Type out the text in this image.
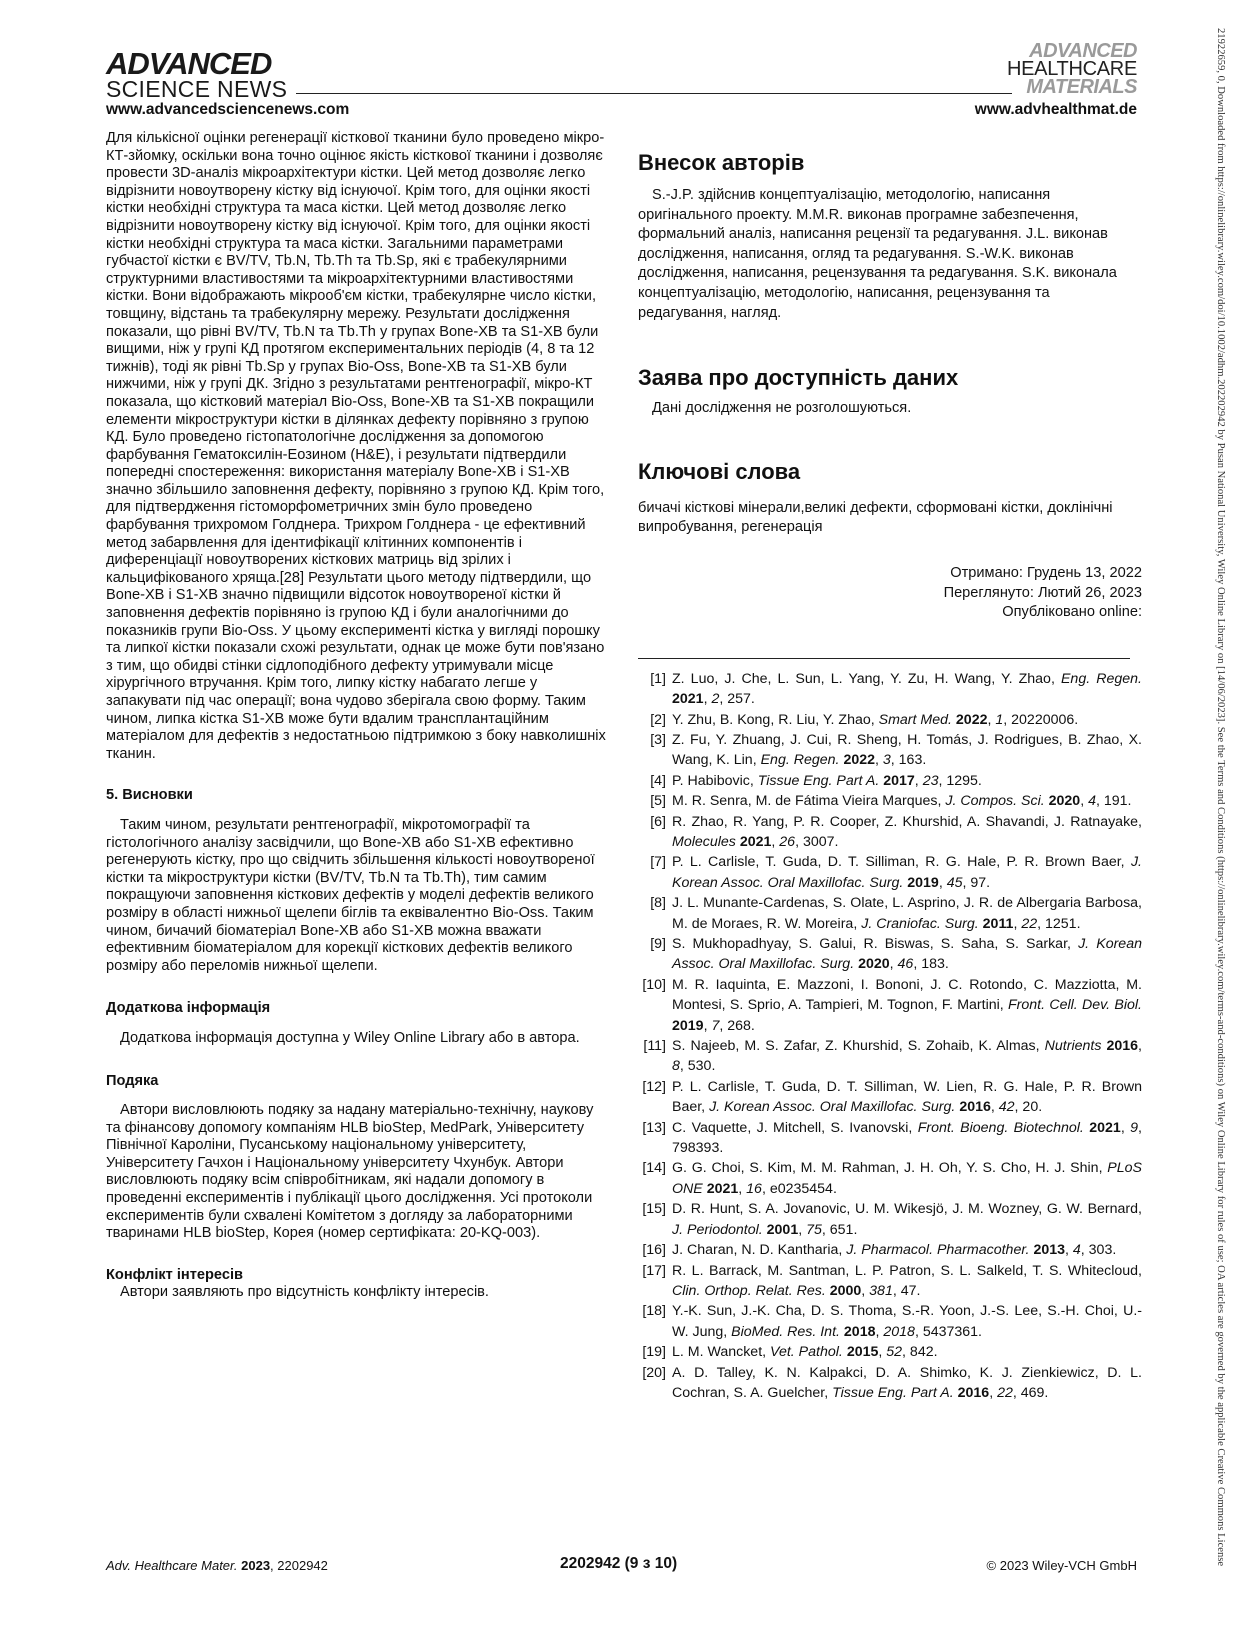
ADVANCED
SCIENCE NEWS
ADVANCED
HEALTHCARE
MATERIALS
www.advancedsciencenews.com	www.advhealthmat.de

Для кількісної оцінки регенерації кісткової тканини було проведено мікро-КТ-зйомку, оскільки вона точно оцінює якість кісткової тканини і дозволяє провести 3D-аналіз мікроархітектури кістки. Цей метод дозволяє легко відрізнити новоутворену кістку від існуючої. Крім того, для оцінки якості кістки необхідні структура та маса кістки. Цей метод дозволяє легко відрізнити новоутворену кістку від існуючої. Крім того, для оцінки якості кістки необхідні структура та маса кістки. Загальними параметрами губчастої кістки є BV/TV, Tb.N, Tb.Th та Tb.Sp, які є трабекулярними структурними властивостями та мікроархітектурними властивостями кістки. Вони відображають мікрооб'єм кістки, трабекулярне число кістки, товщину, відстань та трабекулярну мережу. Результати дослідження показали, що рівні BV/TV, Tb.N та Tb.Th у групах Bone-XB та S1-XB були вищими, ніж у групі КД протягом експериментальних періодів (4, 8 та 12 тижнів), тоді як рівні Tb.Sp у групах Bio-Oss, Bone-XB та S1-XB були нижчими, ніж у групі ДК. Згідно з результатами рентгенографії, мікро-КТ показала, що кістковий матеріал Bio-Oss, Bone-XB та S1-XB покращили елементи мікроструктури кістки в ділянках дефекту порівняно з групою КД. Було проведено гістопатологічне дослідження за допомогою фарбування Гематоксилін-Еозином (H&E), і результати підтвердили попередні спостереження: використання матеріалу Bone-XB і S1-XB значно збільшило заповнення дефекту, порівняно з групою КД. Крім того, для підтвердження гістоморфометричних змін було проведено фарбування трихромом Голднера. Трихром Голднера - це ефективний метод забарвлення для ідентифікації клітинних компонентів і диференціації новоутворених кісткових матриць від зрілих і кальцифікованого хряща.[28] Результати цього методу підтвердили, що Bone-XB і S1-XB значно підвищили відсоток новоутвореної кістки й заповнення дефектів порівняно із групою КД і були аналогічними до показників групи Bio-Oss. У цьому експерименті кістка у вигляді порошку та липкої кістки показали схожі результати, однак це може бути пов'язано з тим, що обидві стінки сідлоподібного дефекту утримували місце хірургічного втручання. Крім того, липку кістку набагато легше у запакувати під час операції; вона чудово зберігала свою форму. Таким чином, липка кістка S1-XB може бути вдалим трансплантаційним матеріалом для дефектів з недостатньою підтримкою з боку навколишніх тканин.

5. Висновки

Таким чином, результати рентгенографії, мікротомографії та гістологічного аналізу засвідчили, що Bone-XB або S1-XB ефективно регенерують кістку, про що свідчить збільшення кількості новоутвореної кістки та мікроструктури кістки (BV/TV, Tb.N та Tb.Th), тим самим покращуючи заповнення кісткових дефектів у моделі дефектів великого розміру в області нижньої щелепи біглів та еквівалентно Bio-Oss. Таким чином, бичачий біоматеріал Bone-XB або S1-XB можна вважати ефективним біоматеріалом для корекції кісткових дефектів великого розміру або переломів нижньої щелепи.

Додаткова інформація

Додаткова інформація доступна у Wiley Online Library або в автора.

Подяка

Автори висловлюють подяку за надану матеріально-технічну, наукову та фінансову допомогу компаніям HLB bioStep, MedPark, Університету Північної Кароліни, Пусанському національному університету, Університету Гачхон і Національному університету Чхунбук. Автори висловлюють подяку всім співробітникам, які надали допомогу в проведенні експериментів і публікації цього дослідження. Усі протоколи експериментів були схвалені Комітетом з догляду за лабораторними тваринами HLB bioStep, Корея (номер сертифіката: 20-KQ-003).

Конфлікт інтересів

Автори заявляють про відсутність конфлікту інтересів.

Внесок авторів

S.-J.P. здійснив концептуалізацію, методологію, написання оригінального проекту. M.M.R. виконав програмне забезпечення, формальний аналіз, написання рецензії та редагування. J.L. виконав дослідження, написання, огляд та редагування. S.-W.K. виконав дослідження, написання, рецензування та редагування. S.K. виконала концептуалізацію, методологію, написання, рецензування та редагування, нагляд.

Заява про доступність даних

Дані дослідження не розголошуються.

Ключові слова

бичачі кісткові мінерали,великі дефекти, сформовані кістки, доклінічні випробування, регенерація

Отримано: Грудень 13, 2022

Переглянуто: Лютий 26, 2023

Опубліковано online:

[1] Z. Luo, J. Che, L. Sun, L. Yang, Y. Zu, H. Wang, Y. Zhao, Eng. Regen. 2021, 2, 257.
[2] Y. Zhu, B. Kong, R. Liu, Y. Zhao, Smart Med. 2022, 1, 20220006.
[3] Z. Fu, Y. Zhuang, J. Cui, R. Sheng, H. Tomás, J. Rodrigues, B. Zhao, X. Wang, K. Lin, Eng. Regen. 2022, 3, 163.
[4] P. Habibovic, Tissue Eng. Part A. 2017, 23, 1295.
[5] M. R. Senra, M. de Fátima Vieira Marques, J. Compos. Sci. 2020, 4, 191.
[6] R. Zhao, R. Yang, P. R. Cooper, Z. Khurshid, A. Shavandi, J. Ratnayake, Molecules 2021, 26, 3007.
[7] P. L. Carlisle, T. Guda, D. T. Silliman, R. G. Hale, P. R. Brown Baer, J. Korean Assoc. Oral Maxillofac. Surg. 2019, 45, 97.
[8] J. L. Munante-Cardenas, S. Olate, L. Asprino, J. R. de Albergaria Barbosa, M. de Moraes, R. W. Moreira, J. Craniofac. Surg. 2011, 22, 1251.
[9] S. Mukhopadhyay, S. Galui, R. Biswas, S. Saha, S. Sarkar, J. Korean Assoc. Oral Maxillofac. Surg. 2020, 46, 183.
[10] M. R. Iaquinta, E. Mazzoni, I. Bononi, J. C. Rotondo, C. Mazziotta, M. Montesi, S. Sprio, A. Tampieri, M. Tognon, F. Martini, Front. Cell. Dev. Biol. 2019, 7, 268.
[11] S. Najeeb, M. S. Zafar, Z. Khurshid, S. Zohaib, K. Almas, Nutrients 2016, 8, 530.
[12] P. L. Carlisle, T. Guda, D. T. Silliman, W. Lien, R. G. Hale, P. R. Brown Baer, J. Korean Assoc. Oral Maxillofac. Surg. 2016, 42, 20.
[13] C. Vaquette, J. Mitchell, S. Ivanovski, Front. Bioeng. Biotechnol. 2021, 9, 798393.
[14] G. G. Choi, S. Kim, M. M. Rahman, J. H. Oh, Y. S. Cho, H. J. Shin, PLoS ONE 2021, 16, e0235454.
[15] D. R. Hunt, S. A. Jovanovic, U. M. Wikesjö, J. M. Wozney, G. W. Bernard, J. Periodontol. 2001, 75, 651.
[16] J. Charan, N. D. Kantharia, J. Pharmacol. Pharmacother. 2013, 4, 303.
[17] R. L. Barrack, M. Santman, L. P. Patron, S. L. Salkeld, T. S. Whitecloud, Clin. Orthop. Relat. Res. 2000, 381, 47.
[18] Y.-K. Sun, J.-K. Cha, D. S. Thoma, S.-R. Yoon, J.-S. Lee, S.-H. Choi, U.-W. Jung, BioMed. Res. Int. 2018, 2018, 5437361.
[19] L. M. Wancket, Vet. Pathol. 2015, 52, 842.
[20] A. D. Talley, K. N. Kalpakci, D. A. Shimko, K. J. Zienkiewicz, D. L. Cochran, S. A. Guelcher, Tissue Eng. Part A. 2016, 22, 469.
Adv. Healthcare Mater. 2023, 2202942	2202942 (9 з 10)	© 2023 Wiley-VCH GmbH	21922659, 0, Downloaded from https://onlinelibrary.wiley.com/doi/10.1002/adhm.202202942 by Pusan National University, Wiley Online Library on [14/06/2023]. See the Terms and Conditions (https://onlinelibrary.wiley.com/terms-and-conditions) on Wiley Online Library for rules of use; OA articles are governed by the applicable Creative Commons License
